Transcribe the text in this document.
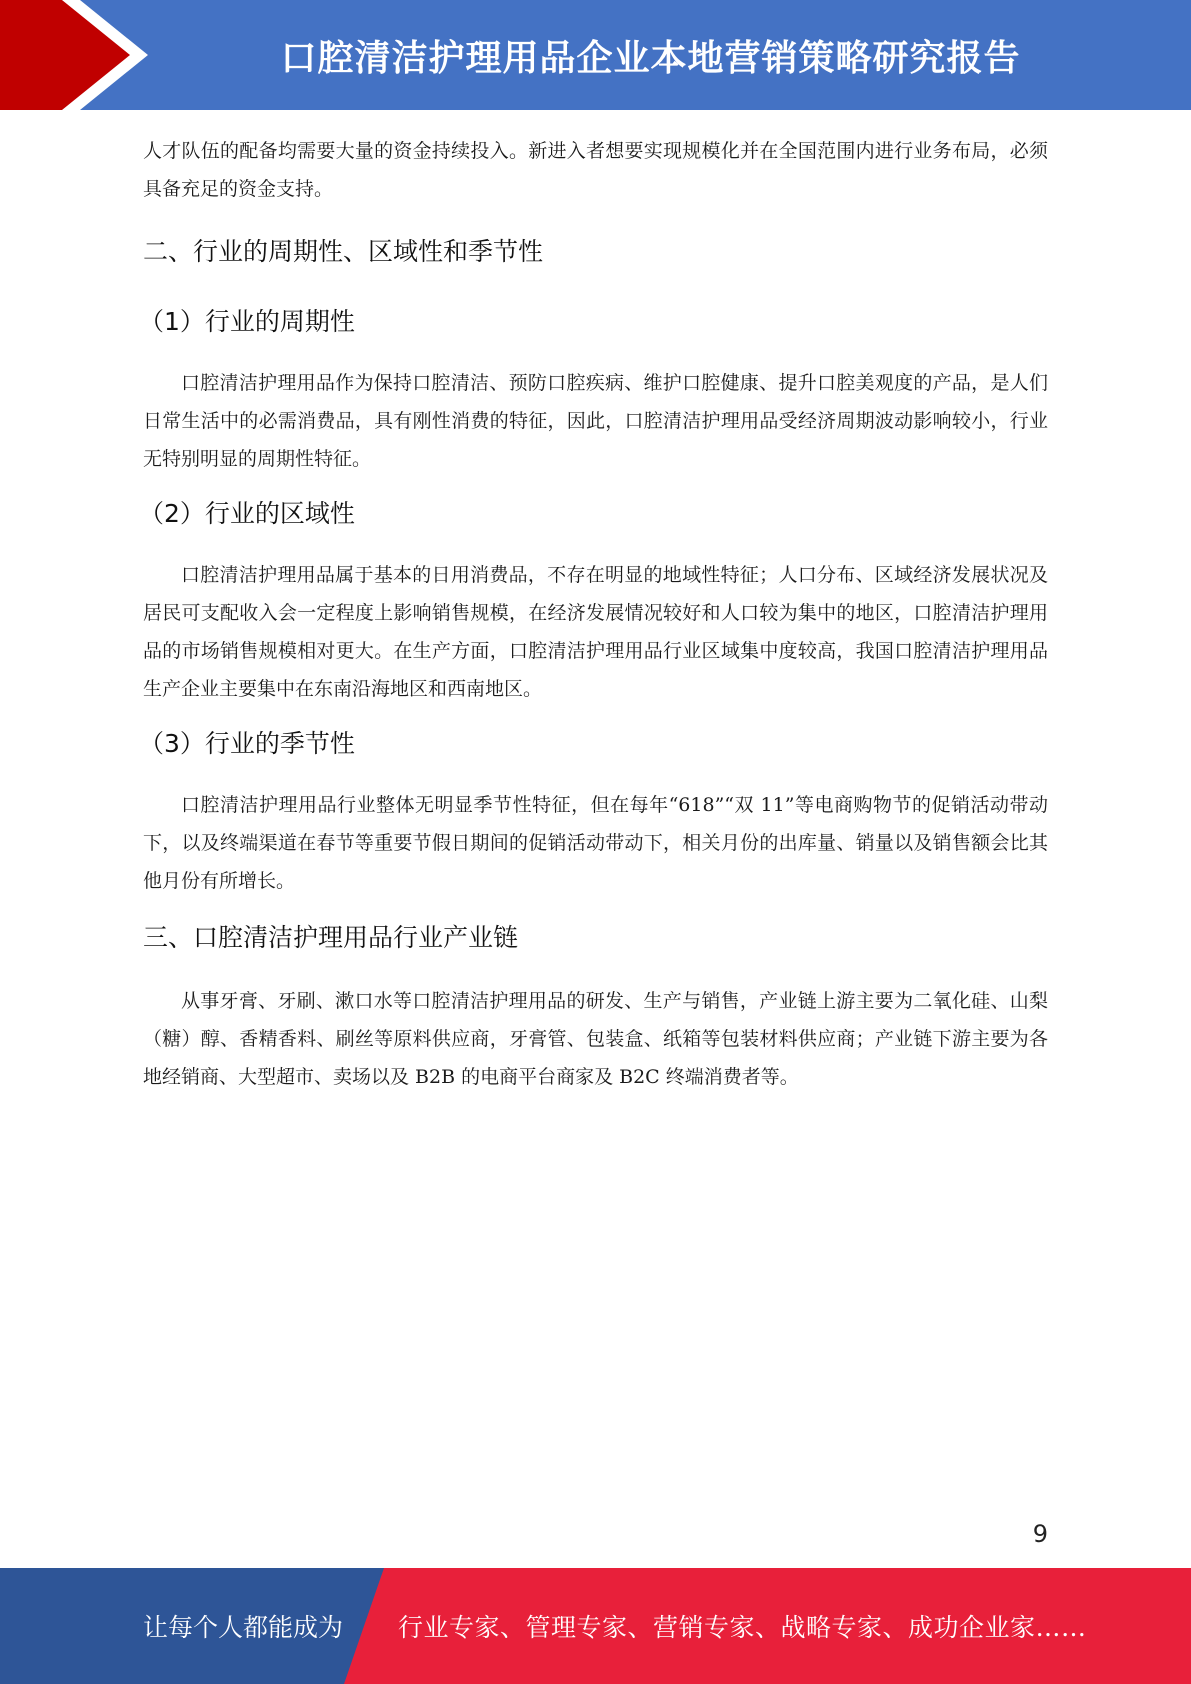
口腔清洁护理用品企业本地营销策略研究报告

人才队伍的配备均需要大量的资金持续投入。新进入者想要实现规模化并在全国范围内进行业务布局，必须具备充足的资金支持。

二、行业的周期性、区域性和季节性
（1）行业的周期性

口腔清洁护理用品作为保持口腔清洁、预防口腔疾病、维护口腔健康、提升口腔美观度的产品，是人们日常生活中的必需消费品，具有刚性消费的特征，因此，口腔清洁护理用品受经济周期波动影响较小，行业无特别明显的周期性特征。

（2）行业的区域性

口腔清洁护理用品属于基本的日用消费品，不存在明显的地域性特征；人口分布、区域经济发展状况及居民可支配收入会一定程度上影响销售规模，在经济发展情况较好和人口较为集中的地区，口腔清洁护理用品的市场销售规模相对更大。在生产方面，口腔清洁护理用品行业区域集中度较高，我国口腔清洁护理用品生产企业主要集中在东南沿海地区和西南地区。

（3）行业的季节性

口腔清洁护理用品行业整体无明显季节性特征，但在每年“618”“双 11”等电商购物节的促销活动带动下，以及终端渠道在春节等重要节假日期间的促销活动带动下，相关月份的出库量、销量以及销售额会比其他月份有所增长。

三、口腔清洁护理用品行业产业链

从事牙膏、牙刷、漱口水等口腔清洁护理用品的研发、生产与销售，产业链上游主要为二氧化硅、山梨（糖）醇、香精香料、刷丝等原料供应商，牙膏管、包装盒、纸箱等包装材料供应商；产业链下游主要为各地经销商、大型超市、卖场以及 B2B 的电商平台商家及 B2C 终端消费者等。

9
让每个人都能成为 行业专家、管理专家、营销专家、战略专家、成功企业家……
